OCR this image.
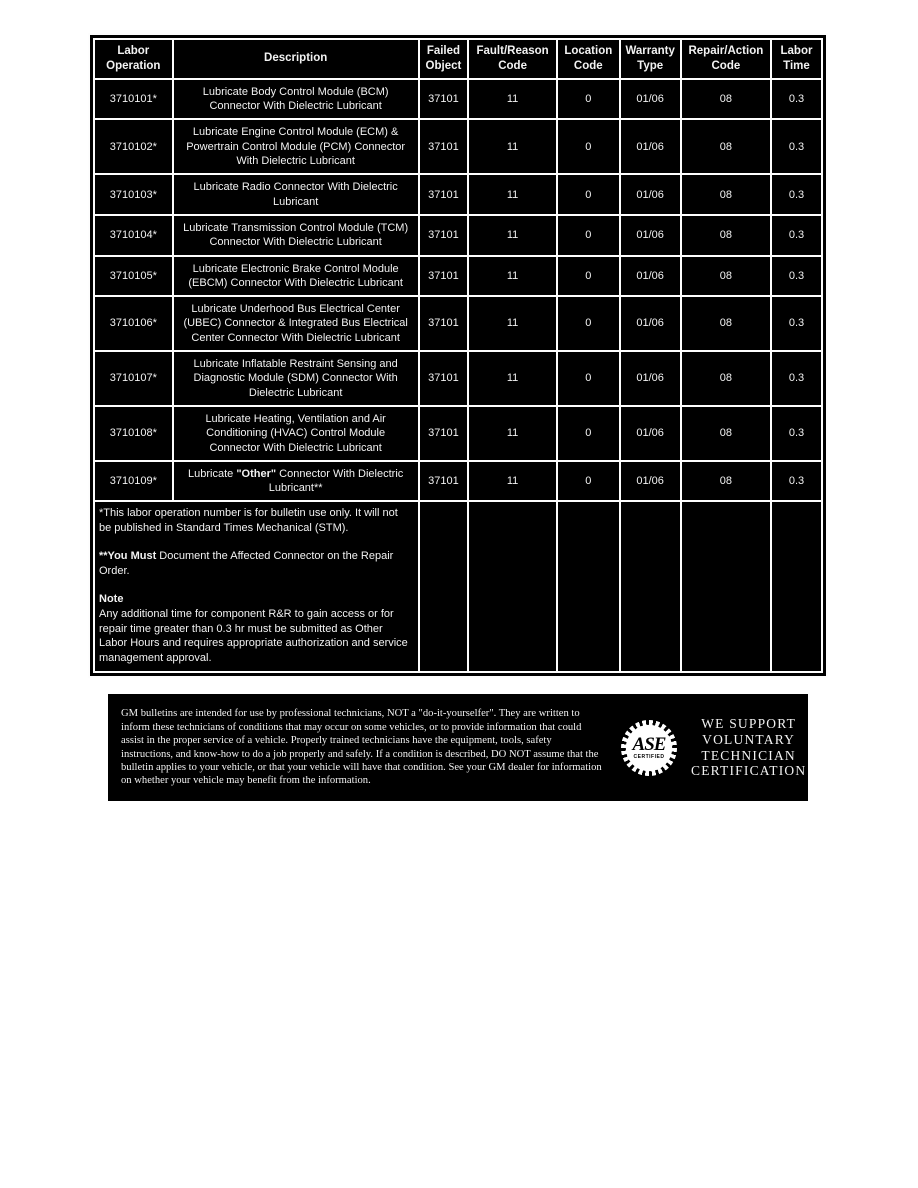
Labor Operation	Description	Failed Object	Fault/Reason Code	Location Code	Warranty Type	Repair/Action Code	Labor Time
3710101*	Lubricate Body Control Module (BCM) Connector With Dielectric Lubricant	37101	11	0	01/06	08	0.3
3710102*	Lubricate Engine Control Module (ECM) & Powertrain Control Module (PCM) Connector With Dielectric Lubricant	37101	11	0	01/06	08	0.3
3710103*	Lubricate Radio Connector With Dielectric Lubricant	37101	11	0	01/06	08	0.3
3710104*	Lubricate Transmission Control Module (TCM) Connector With Dielectric Lubricant	37101	11	0	01/06	08	0.3
3710105*	Lubricate Electronic Brake Control Module (EBCM) Connector With Dielectric Lubricant	37101	11	0	01/06	08	0.3
3710106*	Lubricate Underhood Bus Electrical Center (UBEC) Connector & Integrated Bus Electrical Center Connector With Dielectric Lubricant	37101	11	0	01/06	08	0.3
3710107*	Lubricate Inflatable Restraint Sensing and Diagnostic Module (SDM) Connector With Dielectric Lubricant	37101	11	0	01/06	08	0.3
3710108*	Lubricate Heating, Ventilation and Air Conditioning (HVAC) Control Module Connector With Dielectric Lubricant	37101	11	0	01/06	08	0.3
3710109*	Lubricate "Other" Connector With Dielectric Lubricant**	37101	11	0	01/06	08	0.3

*This labor operation number is for bulletin use only. It will not be published in Standard Times Mechanical (STM).
**You Must Document the Affected Connector on the Repair Order.
Note
Any additional time for component R&R to gain access or for repair time greater than 0.3 hr must be submitted as Other Labor Hours and requires appropriate authorization and service management approval.							

GM bulletins are intended for use by professional technicians, NOT a "do-it-yourselfer". They are written to inform these technicians of conditions that may occur on some vehicles, or to provide information that could assist in the proper service of a vehicle. Properly trained technicians have the equipment, tools, safety instructions, and know-how to do a job properly and safely. If a condition is described, DO NOT assume that the bulletin applies to your vehicle, or that your vehicle will have that condition. See your GM dealer for information on whether your vehicle may benefit from the information.
ASE
CERTIFIED
WE SUPPORT
VOLUNTARY
TECHNICIAN
CERTIFICATION
